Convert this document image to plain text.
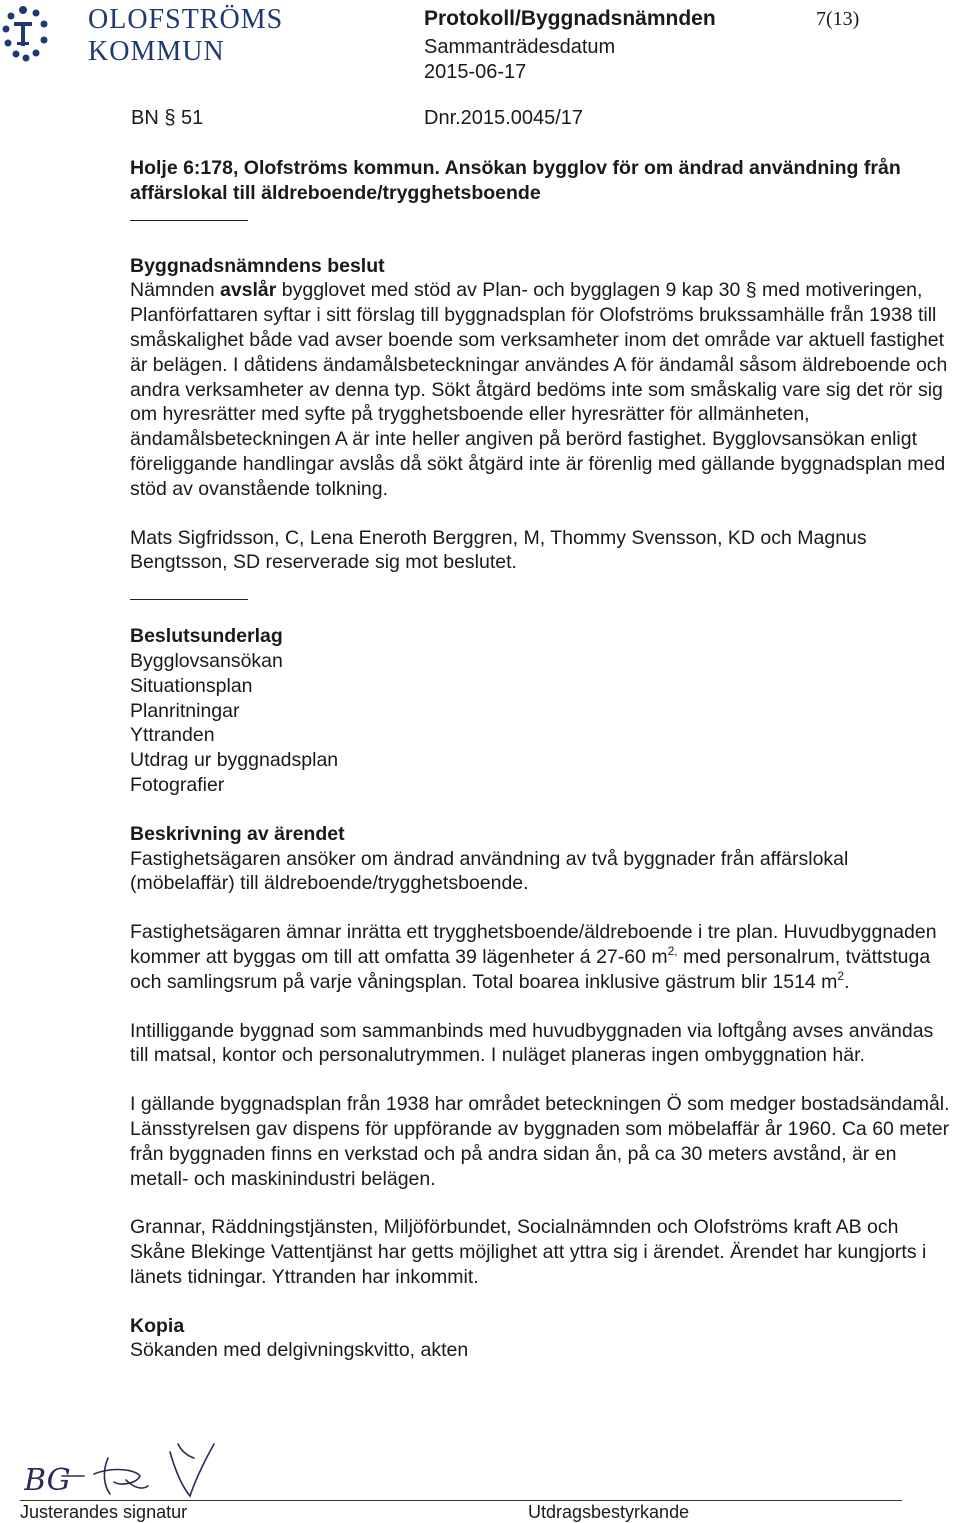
OLOFSTRÖMS
KOMMUN
Protokoll/Byggnadsnämnden	7(13)
Sammanträdesdatum
2015-06-17
BN § 51	Dnr.2015.0045/17

Holje 6:178, Olofströms kommun. Ansökan bygglov för om ändrad användning från affärslokal till äldreboende/trygghetsboende

Byggnadsnämndens beslut

Nämnden avslår bygglovet med stöd av Plan- och bygglagen 9 kap 30 § med motiveringen, Planförfattaren syftar i sitt förslag till byggnadsplan för Olofströms brukssamhälle från 1938 till småskalighet både vad avser boende som verksamheter inom det område var aktuell fastighet är belägen. I dåtidens ändamålsbeteckningar användes A för ändamål såsom äldreboende och andra verksamheter av denna typ. Sökt åtgärd bedöms inte som småskalig vare sig det rör sig om hyresrätter med syfte på trygghetsboende eller hyresrätter för allmänheten, ändamålsbeteckningen A är inte heller angiven på berörd fastighet. Bygglovsansökan enligt föreliggande handlingar avslås då sökt åtgärd inte är förenlig med gällande byggnadsplan med stöd av ovanstående tolkning.

Mats Sigfridsson, C, Lena Eneroth Berggren, M, Thommy Svensson, KD och Magnus Bengtsson, SD reserverade sig mot beslutet.

Beslutsunderlag

Bygglovsansökan

Situationsplan

Planritningar

Yttranden

Utdrag ur byggnadsplan

Fotografier

Beskrivning av ärendet

Fastighetsägaren ansöker om ändrad användning av två byggnader från affärslokal (möbelaffär) till äldreboende/trygghetsboende.

Fastighetsägaren ämnar inrätta ett trygghetsboende/äldreboende i tre plan. Huvudbyggnaden kommer att byggas om till att omfatta 39 lägenheter á 27-60 $m^{2,}$ med personalrum, tvättstuga och samlingsrum på varje våningsplan. Total boarea inklusive gästrum blir 1514 $m^2$.

Intilliggande byggnad som sammanbinds med huvudbyggnaden via loftgång avses användas till matsal, kontor och personalutrymmen. I nuläget planeras ingen ombyggnation här.

I gällande byggnadsplan från 1938 har området beteckningen Ö som medger bostadsändamål. Länsstyrelsen gav dispens för uppförande av byggnaden som möbelaffär år 1960. Ca 60 meter från byggnaden finns en verkstad och på andra sidan ån, på ca 30 meters avstånd, är en metall- och maskinindustri belägen.

Grannar, Räddningstjänsten, Miljöförbundet, Socialnämnden och Olofströms kraft AB och Skåne Blekinge Vattentjänst har getts möjlighet att yttra sig i ärendet. Ärendet har kungjorts i länets tidningar. Yttranden har inkommit.

Kopia

Sökanden med delgivningskvitto, akten

BG
Justerandes signatur	Utdragsbestyrkande
